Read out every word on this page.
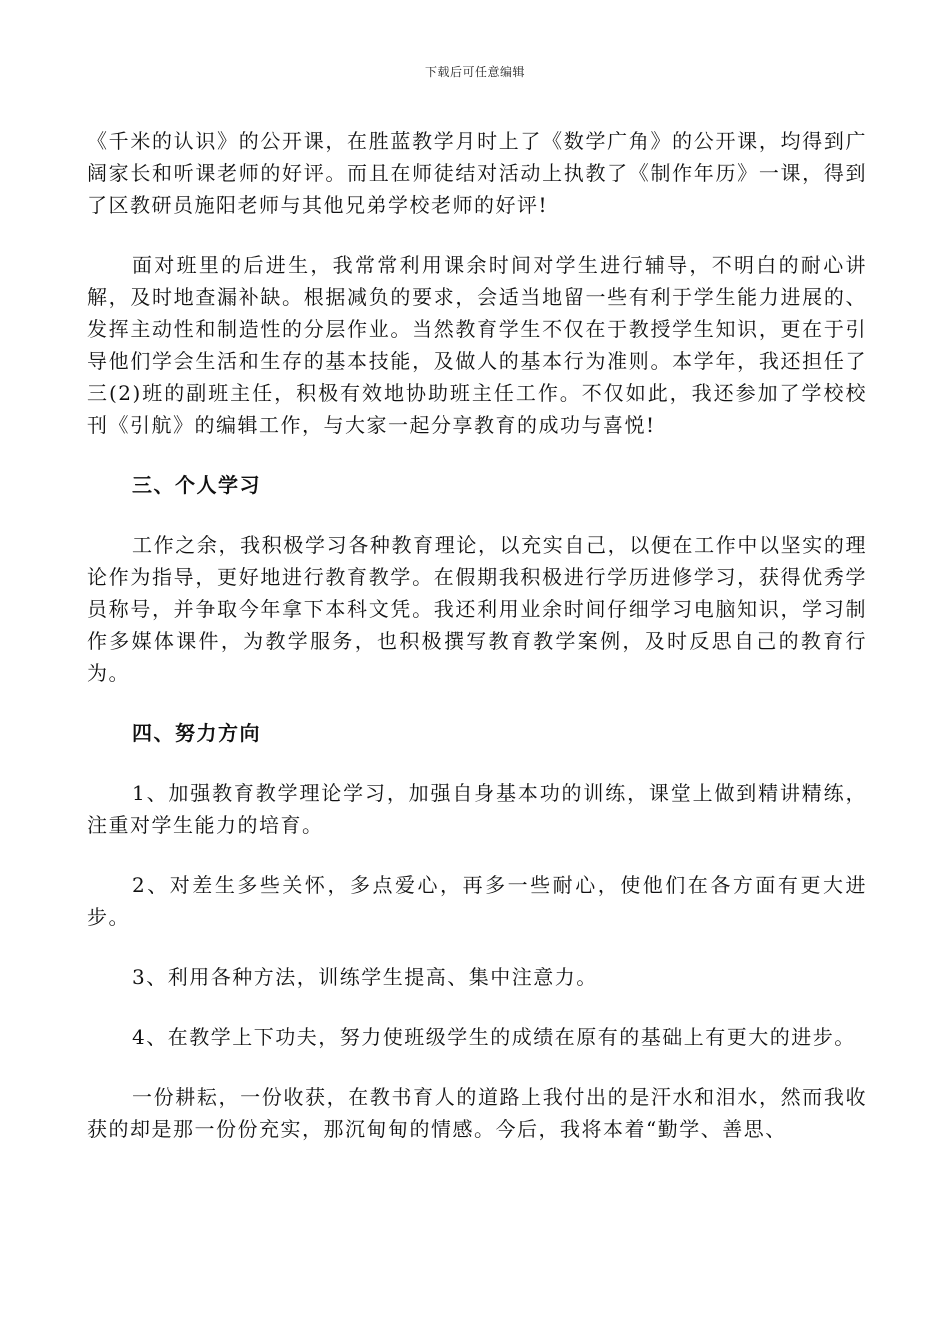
下载后可任意编辑

《千米的认识》的公开课，在胜蓝教学月时上了《数学广角》的公开课，均得到广阔家长和听课老师的好评。而且在师徒结对活动上执教了《制作年历》一课，得到了区教研员施阳老师与其他兄弟学校老师的好评!

面对班里的后进生，我常常利用课余时间对学生进行辅导，不明白的耐心讲解，及时地查漏补缺。根据减负的要求，会适当地留一些有利于学生能力进展的、发挥主动性和制造性的分层作业。当然教育学生不仅在于教授学生知识，更在于引导他们学会生活和生存的基本技能，及做人的基本行为准则。本学年，我还担任了三(2)班的副班主任，积极有效地协助班主任工作。不仅如此，我还参加了学校校刊《引航》的编辑工作，与大家一起分享教育的成功与喜悦!

三、个人学习

工作之余，我积极学习各种教育理论，以充实自己，以便在工作中以坚实的理论作为指导，更好地进行教育教学。在假期我积极进行学历进修学习，获得优秀学员称号，并争取今年拿下本科文凭。我还利用业余时间仔细学习电脑知识，学习制作多媒体课件，为教学服务，也积极撰写教育教学案例，及时反思自己的教育行为。

四、努力方向

1、加强教育教学理论学习，加强自身基本功的训练，课堂上做到精讲精练，注重对学生能力的培育。

2、对差生多些关怀，多点爱心，再多一些耐心，使他们在各方面有更大进步。

3、利用各种方法，训练学生提高、集中注意力。

4、在教学上下功夫，努力使班级学生的成绩在原有的基础上有更大的进步。

一份耕耘，一份收获，在教书育人的道路上我付出的是汗水和泪水，然而我收获的却是那一份份充实，那沉甸甸的情感。今后，我将本着“勤学、善思、
